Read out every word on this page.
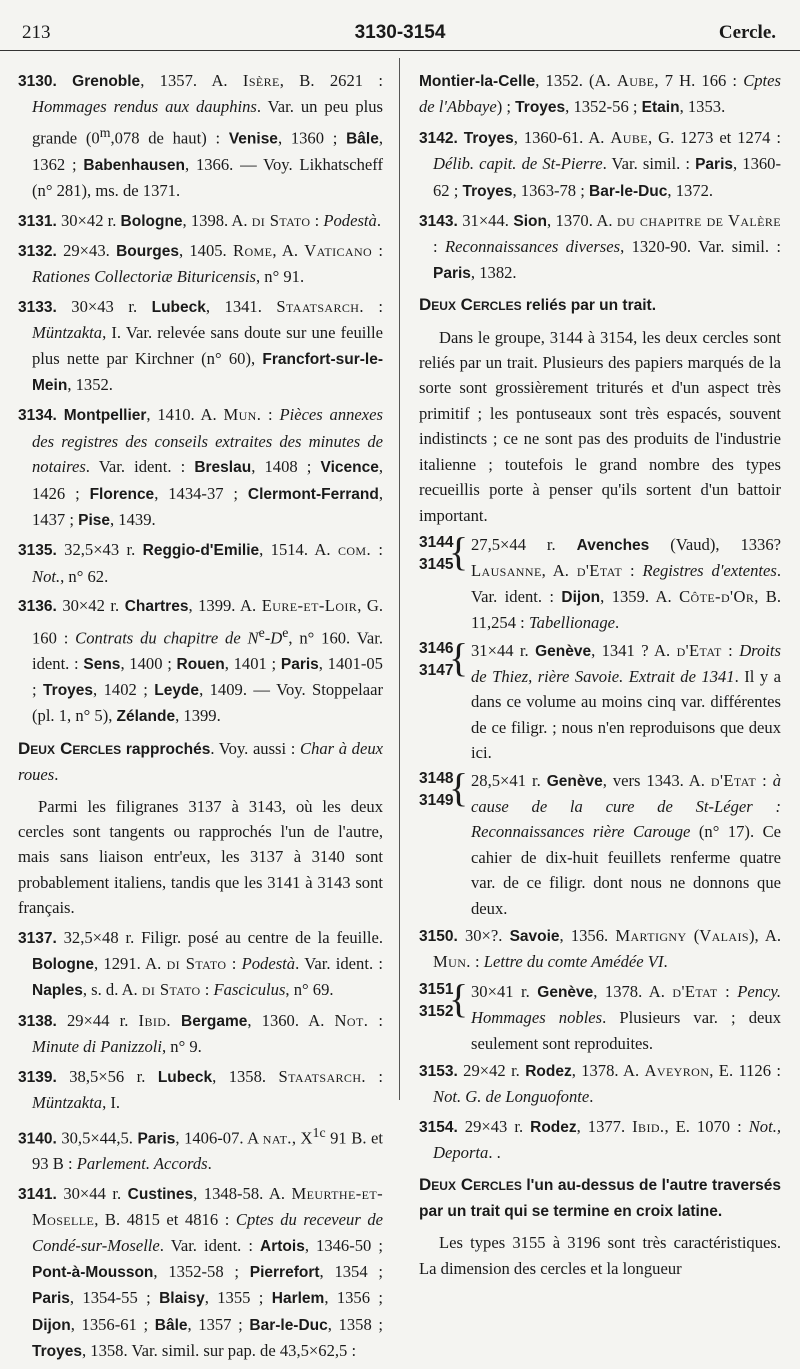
213	3130-3154	Cercle.

3130. Grenoble, 1357. A. Isère, B. 2621 : Hommages rendus aux dauphins. Var. un peu plus grande (0$^m$,078 de haut) : Venise, 1360 ; Bâle, 1362 ; Babenhausen, 1366. — Voy. Likhatscheff (n° 281), ms. de 1371.

3131. 30×42 r. Bologne, 1398. A. di Stato : Podestà.

3132. 29×43. Bourges, 1405. Rome, A. Vaticano : Rationes Collectoriæ Bituricensis, n° 91.

3133. 30×43 r. Lubeck, 1341. Staatsarch. : Müntzakta, I. Var. relevée sans doute sur une feuille plus nette par Kirchner (n° 60), Francfort-sur-le-Mein, 1352.

3134. Montpellier, 1410. A. Mun. : Pièces annexes des registres des conseils extraites des minutes de notaires. Var. ident. : Breslau, 1408 ; Vicence, 1426 ; Florence, 1434-37 ; Clermont-Ferrand, 1437 ; Pise, 1439.

3135. 32,5×43 r. Reggio-d'Emilie, 1514. A. com. : Not., n° 62.

3136. 30×42 r. Chartres, 1399. A. Eure-et-Loir, G. 160 : Contrats du chapitre de $N^e-De$, n° 160. Var. ident. : Sens, 1400 ; Rouen, 1401 ; Paris, 1401-05 ; Troyes, 1402 ; Leyde, 1409. — Voy. Stoppelaar (pl. 1, n° 5), Zélande, 1399.

Deux Cercles rapprochés. Voy. aussi : Char à deux roues.

Parmi les filigranes 3137 à 3143, où les deux cercles sont tangents ou rapprochés l'un de l'autre, mais sans liaison entr'eux, les 3137 à 3140 sont probablement italiens, tandis que les 3141 à 3143 sont français.

3137. 32,5×48 r. Filigr. posé au centre de la feuille. Bologne, 1291. A. di Stato : Podestà. Var. ident. : Naples, s. d. A. di Stato : Fasciculus, n° 69.

3138. 29×44 r. Ibid. Bergame, 1360. A. Not. : Minute di Panizzoli, n° 9.

3139. 38,5×56 r. Lubeck, 1358. Staatsarch. : Müntzakta, I.

3140. 30,5×44,5. Paris, 1406-07. A nat., $X^{1c}$ 91 B. et 93 B : Parlement. Accords.

3141. 30×44 r. Custines, 1348-58. A. Meurthe-et-Moselle, B. 4815 et 4816 : Cptes du receveur de Condé-sur-Moselle. Var. ident. : Artois, 1346-50 ; Pont-à-Mousson, 1352-58 ; Pierrefort, 1354 ; Paris, 1354-55 ; Blaisy, 1355 ; Harlem, 1356 ; Dijon, 1356-61 ; Bâle, 1357 ; Bar-le-Duc, 1358 ; Troyes, 1358. Var. simil. sur pap. de 43,5×62,5 :

Montier-la-Celle, 1352. (A. Aube, 7 H. 166 : Cptes de l'Abbaye) ; Troyes, 1352-56 ; Etain, 1353.

3142. Troyes, 1360-61. A. Aube, G. 1273 et 1274 : Délib. capit. de St-Pierre. Var. simil. : Paris, 1360-62 ; Troyes, 1363-78 ; Bar-le-Duc, 1372.

3143. 31×44. Sion, 1370. A. du chapitre de Valère : Reconnaissances diverses, 1320-90. Var. simil. : Paris, 1382.

Deux Cercles reliés par un trait.

Dans le groupe, 3144 à 3154, les deux cercles sont reliés par un trait. Plusieurs des papiers marqués de la sorte sont grossièrement triturés et d'un aspect très primitif ; les pontuseaux sont très espacés, souvent indistincts ; ce ne sont pas des produits de l'industrie italienne ; toutefois le grand nombre des types recueillis porte à penser qu'ils sortent d'un battoir important.

3144
3145
{ 27,5×44 r. Avenches (Vaud), 1336? Lausanne, A. d'Etat : Registres d'extentes. Var. ident. : Dijon, 1359. A. Côte-d'Or, B. 11,254 : Tabellionage.
3146
3147
{ 31×44 r. Genève, 1341 ? A. d'Etat : Droits de Thiez, rière Savoie. Extrait de 1341. Il y a dans ce volume au moins cinq var. différentes de ce filigr. ; nous n'en reproduisons que deux ici.
3148
3149
{ 28,5×41 r. Genève, vers 1343. A. d'Etat : à cause de la cure de St-Léger : Reconnaissances rière Carouge (n° 17). Ce cahier de dix-huit feuillets renferme quatre var. de ce filigr. dont nous ne donnons que deux.

3150. 30×?. Savoie, 1356. Martigny (Valais), A. Mun. : Lettre du comte Amédée VI.

3151
3152
{ 30×41 r. Genève, 1378. A. d'Etat : Pency. Hommages nobles. Plusieurs var. ; deux seulement sont reproduites.

3153. 29×42 r. Rodez, 1378. A. Aveyron, E. 1126 : Not. G. de Longuofonte.

3154. 29×43 r. Rodez, 1377. Ibid., E. 1070 : Not., Deporta. .

Deux Cercles l'un au-dessus de l'autre traversés par un trait qui se termine en croix latine.

Les types 3155 à 3196 sont très caractéristiques. La dimension des cercles et la longueur
